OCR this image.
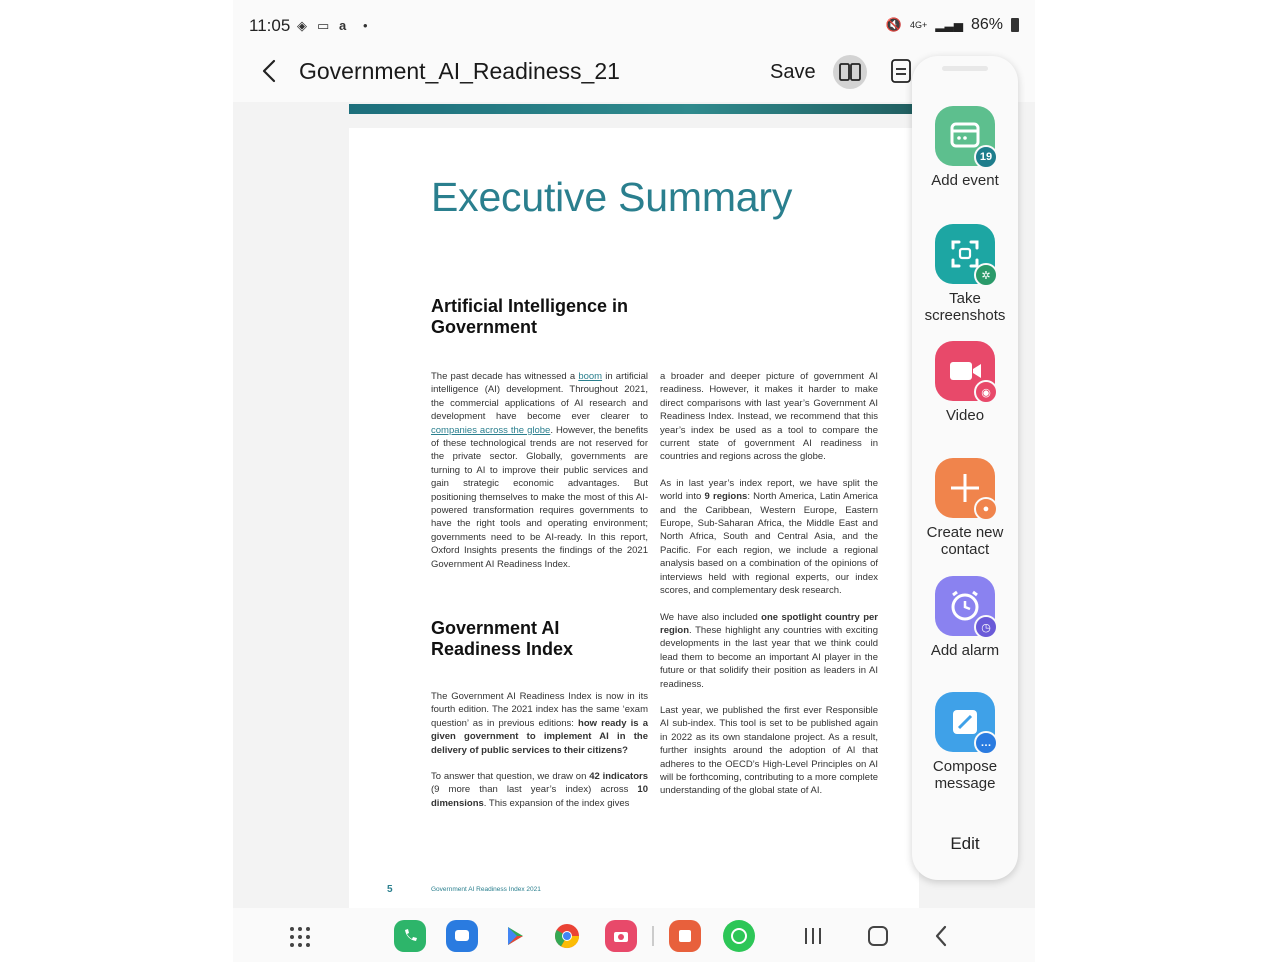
11:05 ◈ ▭ a •	🔇 4G+ ▂▃▅ 86%
Government_AI_Readiness_21	Save
Executive Summary
Artificial Intelligence in Government
Government AI Readiness Index

The past decade has witnessed a boom in artificial intelligence (AI) development. Throughout 2021, the commercial applications of AI research and development have become ever clearer to companies across the globe. However, the benefits of these technological trends are not reserved for the private sector. Globally, governments are turning to AI to improve their public services and gain strategic economic advantages. But positioning themselves to make the most of this AI-powered transformation requires governments to have the right tools and operating environment; governments need to be AI-ready. In this report, Oxford Insights presents the findings of the 2021 Government AI Readiness Index.

The Government AI Readiness Index is now in its fourth edition. The 2021 index has the same ‘exam question’ as in previous editions: how ready is a given government to implement AI in the delivery of public services to their citizens?

To answer that question, we draw on 42 indicators (9 more than last year’s index) across 10 dimensions. This expansion of the index gives

a broader and deeper picture of government AI readiness. However, it makes it harder to make direct comparisons with last year’s Government AI Readiness Index. Instead, we recommend that this year’s index be used as a tool to compare the current state of government AI readiness in countries and regions across the globe.

As in last year’s index report, we have split the world into 9 regions: North America, Latin America and the Caribbean, Western Europe, Eastern Europe, Sub-Saharan Africa, the Middle East and North Africa, South and Central Asia, and the Pacific. For each region, we include a regional analysis based on a combination of the opinions of interviews held with regional experts, our index scores, and complementary desk research.

We have also included one spotlight country per region. These highlight any countries with exciting developments in the last year that we think could lead them to become an important AI player in the future or that solidify their position as leaders in AI readiness.

Last year, we published the first ever Responsible AI sub-index. This tool is set to be published again in 2022 as its own standalone project. As a result, further insights around the adoption of AI that adheres to the OECD’s High-Level Principles on AI will be forthcoming, contributing to a more complete understanding of the global state of AI.

5	Government AI Readiness Index 2021
19
Add event
✲
Take screenshots
◉
Video
●
Create new contact
◷
Add alarm
…
Compose message
Edit
